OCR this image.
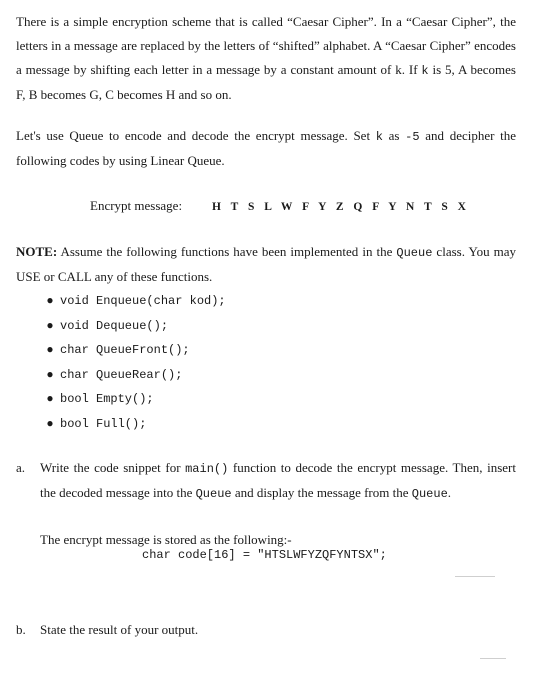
There is a simple encryption scheme that is called “Caesar Cipher”. In a “Caesar Cipher”, the letters in a message are replaced by the letters of “shifted” alphabet. A “Caesar Cipher” encodes a message by shifting each letter in a message by a constant amount of k. If k is 5, A becomes F, B becomes G, C becomes H and so on.

Let's use Queue to encode and decode the encrypt message. Set k as -5 and decipher the following codes by using Linear Queue.

Encrypt message:	H T S L W F Y Z Q F Y N T S X

NOTE: Assume the following functions have been implemented in the Queue class. You may USE or CALL any of these functions.

● void Enqueue(char kod);
● void Dequeue();
● char QueueFront();
● char QueueRear();
● bool Empty();
● bool Full();
a.	Write the code snippet for main() function to decode the encrypt message. Then, insert the decoded message into the Queue and display the message from the Queue.
The encrypt message is stored as the following:-
char code[16] = "HTSLWFYZQFYNTSX";
b.	State the result of your output.
